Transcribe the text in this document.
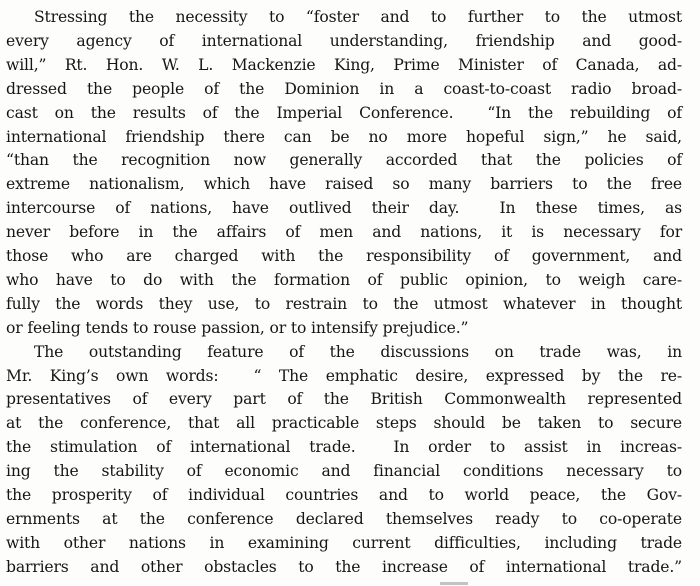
Stressing the necessity to “foster and to further to the utmost
every agency of international understanding, friendship and good-
will,” Rt. Hon. W. L. Mackenzie King, Prime Minister of Canada, ad-
dressed the people of the Dominion in a coast-to-coast radio broad-
cast on the results of the Imperial Conference.  “In the rebuilding of
international friendship there can be no more hopeful sign,” he said,
“than the recognition now generally accorded that the policies of
extreme nationalism, which have raised so many barriers to the free
intercourse of nations, have outlived their day.  In these times, as
never before in the affairs of men and nations, it is necessary for
those who are charged with the responsibility of government, and
who have to do with the formation of public opinion, to weigh care-
fully the words they use, to restrain to the utmost whatever in thought
or feeling tends to rouse passion, or to intensify prejudice.”
The outstanding feature of the discussions on trade was, in
Mr. King’s own words:  “ The emphatic desire, expressed by the re-
presentatives of every part of the British Commonwealth represented
at the conference, that all practicable steps should be taken to secure
the stimulation of international trade.  In order to assist in increas-
ing the stability of economic and financial conditions necessary to
the prosperity of individual countries and to world peace, the Gov-
ernments at the conference declared themselves ready to co-operate
with other nations in examining current difficulties, including trade
barriers and other obstacles to the increase of international trade.”
